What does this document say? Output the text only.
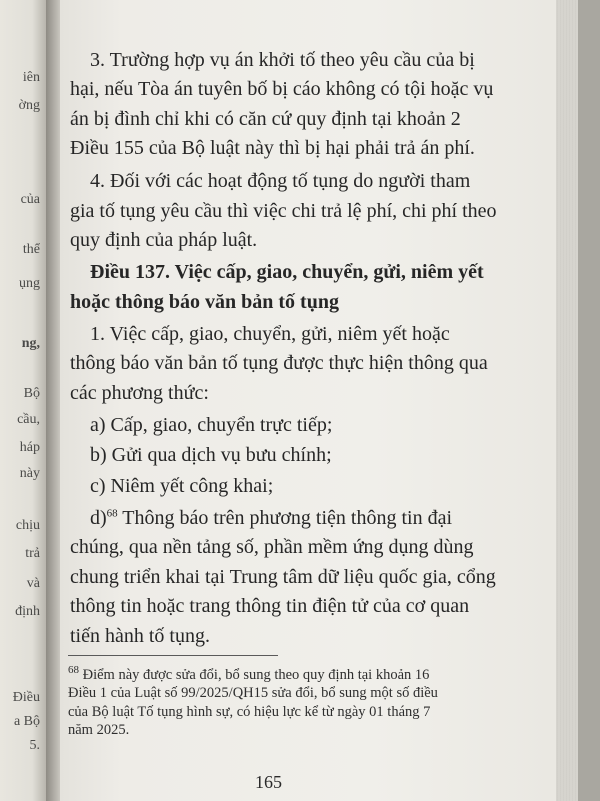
iên
ờng
của
thể
ụng
ng,
Bộ
cầu,
háp
này
chịu
trả
và
định
Điều
a Bộ
5.
3. Trường hợp vụ án khởi tố theo yêu cầu của bị
hại, nếu Tòa án tuyên bố bị cáo không có tội hoặc vụ
án bị đình chỉ khi có căn cứ quy định tại khoản 2
Điều 155 của Bộ luật này thì bị hại phải trả án phí.
4. Đối với các hoạt động tố tụng do người tham
gia tố tụng yêu cầu thì việc chi trả lệ phí, chi phí theo
quy định của pháp luật.
Điều 137. Việc cấp, giao, chuyển, gửi, niêm yết
hoặc thông báo văn bản tố tụng
1. Việc cấp, giao, chuyển, gửi, niêm yết hoặc
thông báo văn bản tố tụng được thực hiện thông qua
các phương thức:
a) Cấp, giao, chuyển trực tiếp;
b) Gửi qua dịch vụ bưu chính;
c) Niêm yết công khai;
d)$^{68}$ Thông báo trên phương tiện thông tin đại
chúng, qua nền tảng số, phần mềm ứng dụng dùng
chung triển khai tại Trung tâm dữ liệu quốc gia, cổng
thông tin hoặc trang thông tin điện tử của cơ quan
tiến hành tố tụng.
$^{68}$ Điểm này được sửa đổi, bổ sung theo quy định tại khoản 16
Điều 1 của Luật số 99/2025/QH15 sửa đổi, bổ sung một số điều
của Bộ luật Tố tụng hình sự, có hiệu lực kể từ ngày 01 tháng 7
năm 2025.
165
